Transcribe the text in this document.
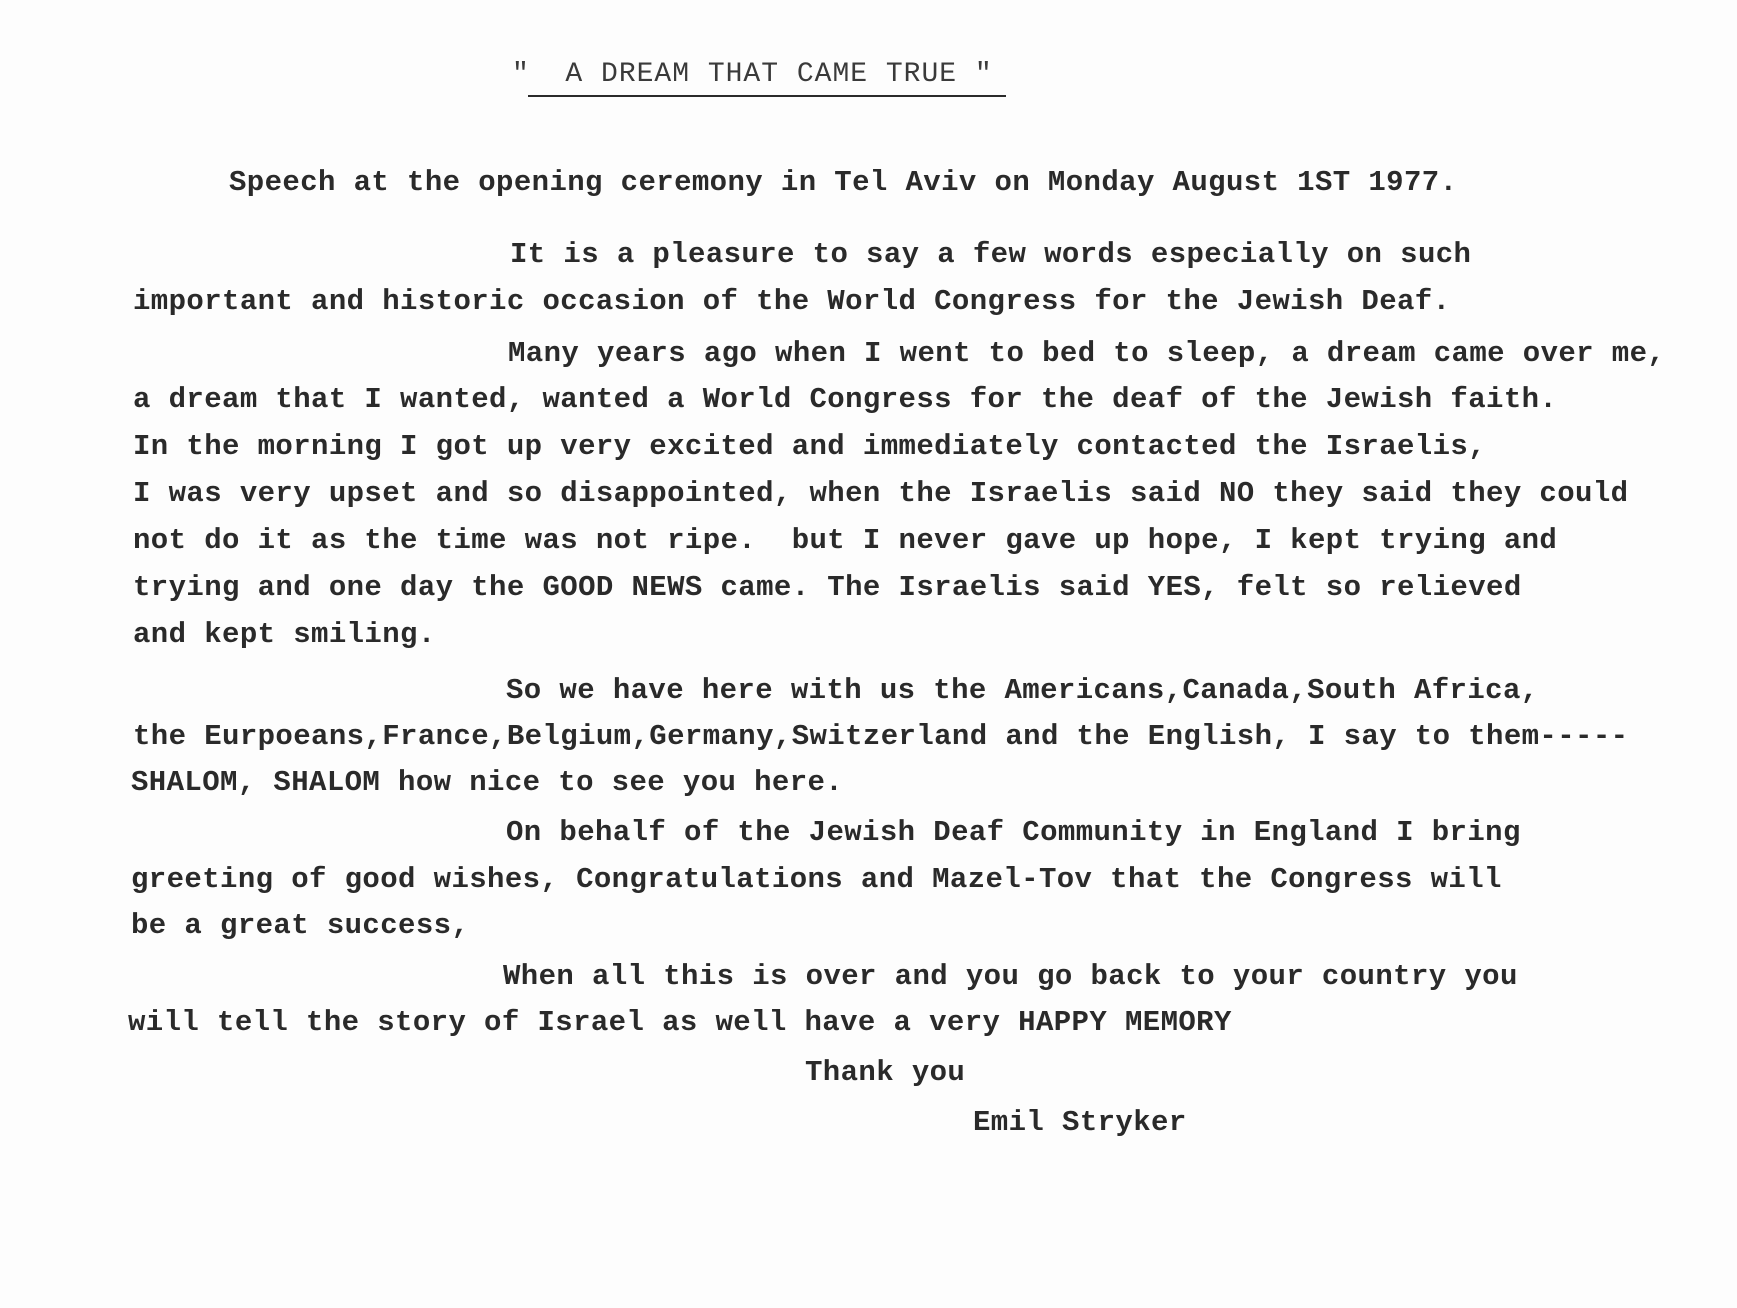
"  A DREAM THAT CAME TRUE "
Speech at the opening ceremony in Tel Aviv on Monday August 1ST 1977.
It is a pleasure to say a few words especially on such
important and historic occasion of the World Congress for the Jewish Deaf.
Many years ago when I went to bed to sleep, a dream came over me,
a dream that I wanted, wanted a World Congress for the deaf of the Jewish faith.
In the morning I got up very excited and immediately contacted the Israelis,
I was very upset and so disappointed, when the Israelis said NO they said they could
not do it as the time was not ripe.  but I never gave up hope, I kept trying and
trying and one day the GOOD NEWS came. The Israelis said YES, felt so relieved
and kept smiling.
So we have here with us the Americans,Canada,South Africa,
the Eurpoeans,France,Belgium,Germany,Switzerland and the English, I say to them-----
SHALOM, SHALOM how nice to see you here.
On behalf of the Jewish Deaf Community in England I bring
greeting of good wishes, Congratulations and Mazel-Tov that the Congress will
be a great success,
When all this is over and you go back to your country you
will tell the story of Israel as well have a very HAPPY MEMORY
Thank you
Emil Stryker
